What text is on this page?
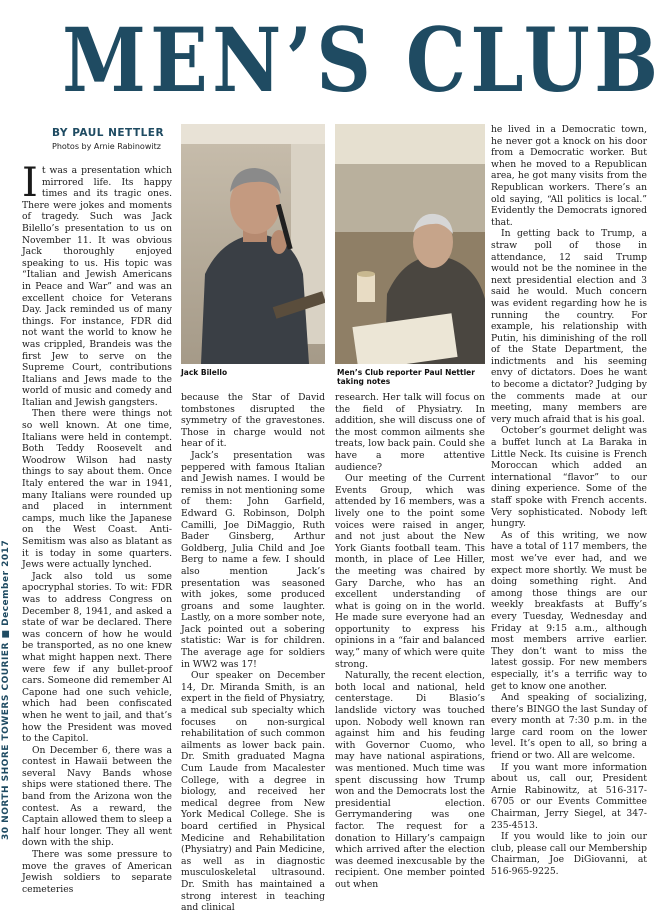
MEN’S CLUB
30 NORTH SHORE TOWERS COURIER ■ December 2017
BY PAUL NETTLER
Photos by Arnie Rabinowitz
Jack Bilello	Men’s Club reporter Paul Nettler taking notes

It was a presentation which mirrored life. Its happy times and its tragic ones. There were jokes and moments of tragedy. Such was Jack Bilello’s presentation to us on November 11. It was obvious Jack thoroughly enjoyed speaking to us. His topic was “Italian and Jewish Americans in Peace and War” and was an excellent choice for Veterans Day. Jack reminded us of many things. For instance, FDR did not want the world to know he was crippled, Brandeis was the first Jew to serve on the Supreme Court, contributions Italians and Jews made to the world of music and comedy and Italian and Jewish gangsters.

Then there were things not so well known. At one time, Italians were held in contempt. Both Teddy Roosevelt and Woodrow Wilson had nasty things to say about them. Once Italy entered the war in 1941, many Italians were rounded up and placed in internment camps, much like the Japanese on the West Coast. Anti-Semitism was also as blatant as it is today in some quarters. Jews were actually lynched.

Jack also told us some apocryphal stories. To wit: FDR was to address Congress on December 8, 1941, and asked a state of war be declared. There was concern of how he would be transported, as no one knew what might happen next. There were few if any bullet-proof cars. Someone did remember Al Capone had one such vehicle, which had been confiscated when he went to jail, and that’s how the President was moved to the Capitol.

On December 6, there was a contest in Hawaii between the several Navy Bands whose ships were stationed there. The band from the Arizona won the contest. As a reward, the Captain allowed them to sleep a half hour longer. They all went down with the ship.

There was some pressure to move the graves of American Jewish soldiers to separate cemeteries

because the Star of David tombstones disrupted the symmetry of the gravestones. Those in charge would not hear of it.

Jack’s presentation was peppered with famous Italian and Jewish names. I would be remiss in not mentioning some of them: John Garfield, Edward G. Robinson, Dolph Camilli, Joe DiMaggio, Ruth Bader Ginsberg, Arthur Goldberg, Julia Child and Joe Berg to name a few. I should also mention Jack’s presentation was seasoned with jokes, some produced groans and some laughter. Lastly, on a more somber note, Jack pointed out a sobering statistic: War is for children. The average age for soldiers in WW2 was 17!

Our speaker on December 14, Dr. Miranda Smith, is an expert in the field of Physiatry, a medical sub specialty which focuses on non-surgical rehabilitation of such common ailments as lower back pain. Dr. Smith graduated Magna Cum Laude from Macalester College, with a degree in biology, and received her medical degree from New York Medical College. She is board certified in Physical Medicine and Rehabilitation (Physiatry) and Pain Medicine, as well as in diagnostic musculoskeletal ultrasound. Dr. Smith has maintained a strong interest in teaching and clinical

research. Her talk will focus on the field of Physiatry. In addition, she will discuss one of the most common ailments she treats, low back pain. Could she have a more attentive audience?

Our meeting of the Current Events Group, which was attended by 16 members, was a lively one to the point some voices were raised in anger, and not just about the New York Giants football team. This month, in place of Lee Hiller, the meeting was chaired by Gary Darche, who has an excellent understanding of what is going on in the world. He made sure everyone had an opportunity to express his opinions in a “fair and balanced way,” many of which were quite strong.

Naturally, the recent election, both local and national, held centerstage. Di Blasio’s landslide victory was touched upon. Nobody well known ran against him and his feuding with Governor Cuomo, who may have national aspirations, was mentioned. Much time was spent discussing how Trump won and the Democrats lost the presidential election. Gerrymandering was one factor. The request for a donation to Hillary’s campaign which arrived after the election was deemed inexcusable by the recipient. One member pointed out when

he lived in a Democratic town, he never got a knock on his door from a Democratic worker. But when he moved to a Republican area, he got many visits from the Republican workers. There’s an old saying, “All politics is local.” Evidently the Democrats ignored that.

In getting back to Trump, a straw poll of those in attendance, 12 said Trump would not be the nominee in the next presidential election and 3 said he would. Much concern was evident regarding how he is running the country. For example, his relationship with Putin, his diminishing of the roll of the State Department, the indictments and his seeming envy of dictators. Does he want to become a dictator? Judging by the comments made at our meeting, many members are very much afraid that is his goal.

October’s gourmet delight was a buffet lunch at La Baraka in Little Neck. Its cuisine is French Moroccan which added an international “flavor” to our dining experience. Some of the staff spoke with French accents. Very sophisticated. Nobody left hungry.

As of this writing, we now have a total of 117 members, the most we’ve ever had, and we expect more shortly. We must be doing something right. And among those things are our weekly breakfasts at Buffy’s every Tuesday, Wednesday and Friday at 9:15 a.m., although most members arrive earlier. They don’t want to miss the latest gossip. For new members especially, it’s a terrific way to get to know one another.

And speaking of socializing, there’s BINGO the last Sunday of every month at 7:30 p.m. in the large card room on the lower level. It’s open to all, so bring a friend or two. All are welcome.

If you want more information about us, call our, President Arnie Rabinowitz, at 516-317-6705 or our Events Committee Chairman, Jerry Siegel, at 347-235-4513.

If you would like to join our club, please call our Membership Chairman, Joe DiGiovanni, at 516-965-9225.
